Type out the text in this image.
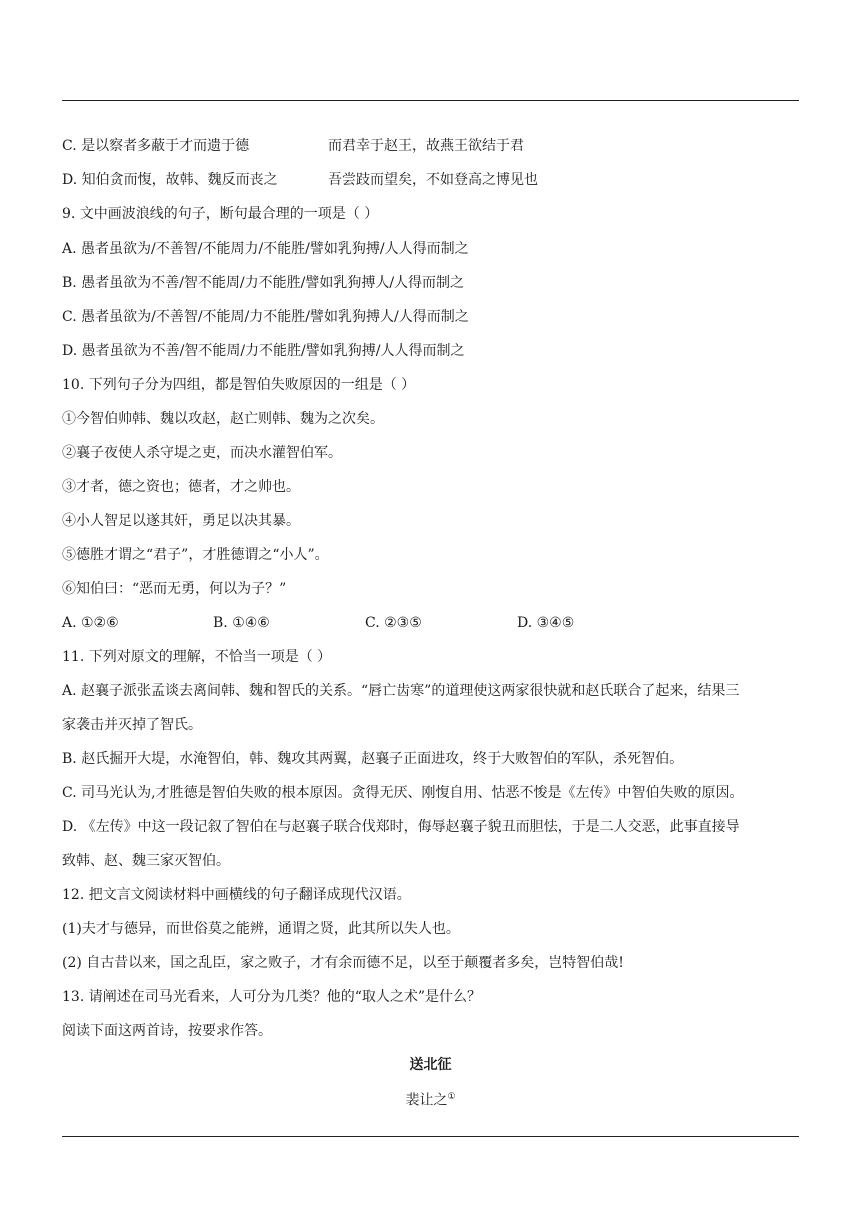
C. 是以察者多蔽于才而遗于德	而君幸于赵王，故燕王欲结于君
D. 知伯贪而愎，故韩、魏反而丧之	吾尝跂而望矣，不如登高之博见也
9. 文中画波浪线的句子，断句最合理的一项是（ ）
A. 愚者虽欲为/不善智/不能周力/不能胜/譬如乳狗搏/人人得而制之
B. 愚者虽欲为不善/智不能周/力不能胜/譬如乳狗搏人/人得而制之
C. 愚者虽欲为/不善智/不能周/力不能胜/譬如乳狗搏人/人得而制之
D. 愚者虽欲为不善/智不能周/力不能胜/譬如乳狗搏/人人得而制之
10. 下列句子分为四组，都是智伯失败原因的一组是（ ）
①今智伯帅韩、魏以攻赵，赵亡则韩、魏为之次矣。
②襄子夜使人杀守堤之吏，而决水灌智伯军。
③才者，德之资也；德者，才之帅也。
④小人智足以遂其奸，勇足以决其暴。
⑤德胜才谓之“君子”，才胜德谓之“小人”。
⑥知伯曰：“恶而无勇，何以为子？”
A. ①②⑥	B. ①④⑥	C. ②③⑤	D. ③④⑤
11. 下列对原文的理解，不恰当一项是（ ）
A. 赵襄子派张孟谈去离间韩、魏和智氏的关系。“唇亡齿寒”的道理使这两家很快就和赵氏联合了起来，结果三
家袭击并灭掉了智氏。
B. 赵氏掘开大堤，水淹智伯，韩、魏攻其两翼，赵襄子正面进攻，终于大败智伯的军队，杀死智伯。
C. 司马光认为,才胜德是智伯失败的根本原因。贪得无厌、刚愎自用、怙恶不悛是《左传》中智伯失败的原因。
D. 《左传》中这一段记叙了智伯在与赵襄子联合伐郑时，侮辱赵襄子貌丑而胆怯，于是二人交恶，此事直接导
致韩、赵、魏三家灭智伯。
12. 把文言文阅读材料中画横线的句子翻译成现代汉语。
(1)夫才与德异，而世俗莫之能辨，通谓之贤，此其所以失人也。
(2) 自古昔以来，国之乱臣，家之败子，才有余而德不足，以至于颠覆者多矣，岂特智伯哉!
13. 请阐述在司马光看来，人可分为几类？他的“取人之术”是什么？
阅读下面这两首诗，按要求作答。
送北征
裴让之①
